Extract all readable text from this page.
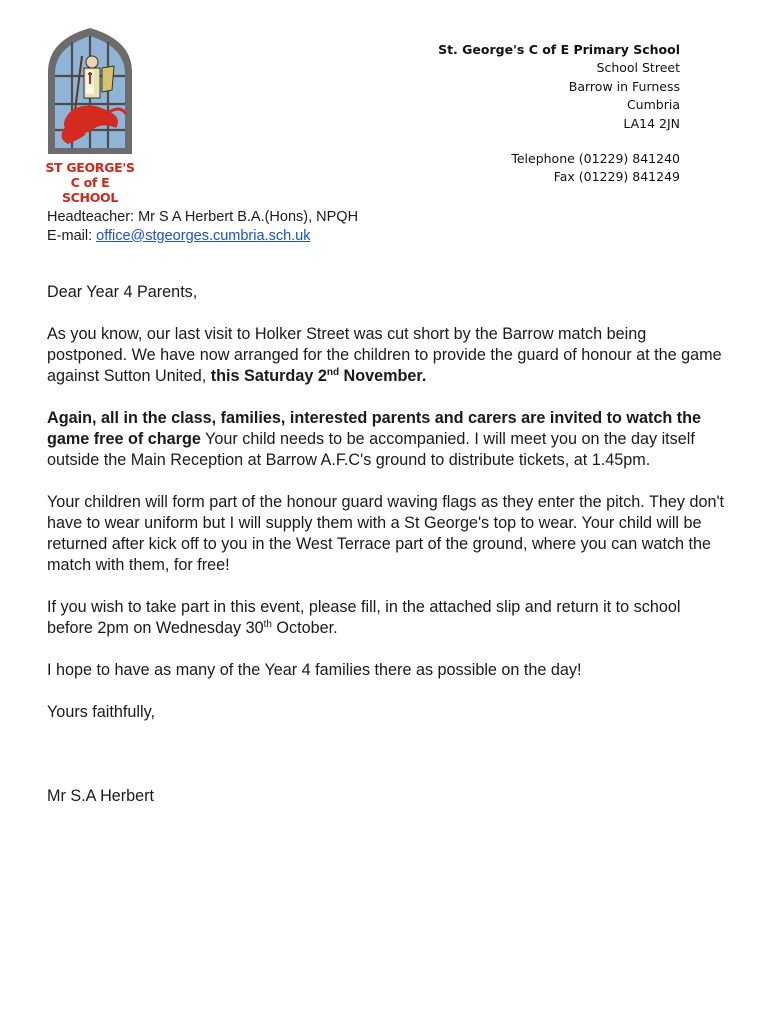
ST GEORGE'S
C of E SCHOOL
St. George's C of E Primary School
School Street
Barrow in Furness
Cumbria
LA14 2JN
Telephone (01229) 841240
Fax (01229) 841249
Headteacher: Mr S A Herbert B.A.(Hons), NPQH
E-mail: office@stgeorges.cumbria.sch.uk

Dear Year 4 Parents,

As you know, our last visit to Holker Street was cut short by the Barrow match being postponed. We have now arranged for the children to provide the guard of honour at the game against Sutton United, this Saturday 2nd November.

Again, all in the class, families, interested parents and carers are invited to watch the game free of charge Your child needs to be accompanied. I will meet you on the day itself outside the Main Reception at Barrow A.F.C's ground to distribute tickets, at 1.45pm.

Your children will form part of the honour guard waving flags as they enter the pitch. They don't have to wear uniform but I will supply them with a St George's top to wear. Your child will be returned after kick off to you in the West Terrace part of the ground, where you can watch the match with them, for free!

If you wish to take part in this event, please fill, in the attached slip and return it to school before 2pm on Wednesday 30th October.

I hope to have as many of the Year 4 families there as possible on the day!

Yours faithfully,

Mr S.A Herbert
